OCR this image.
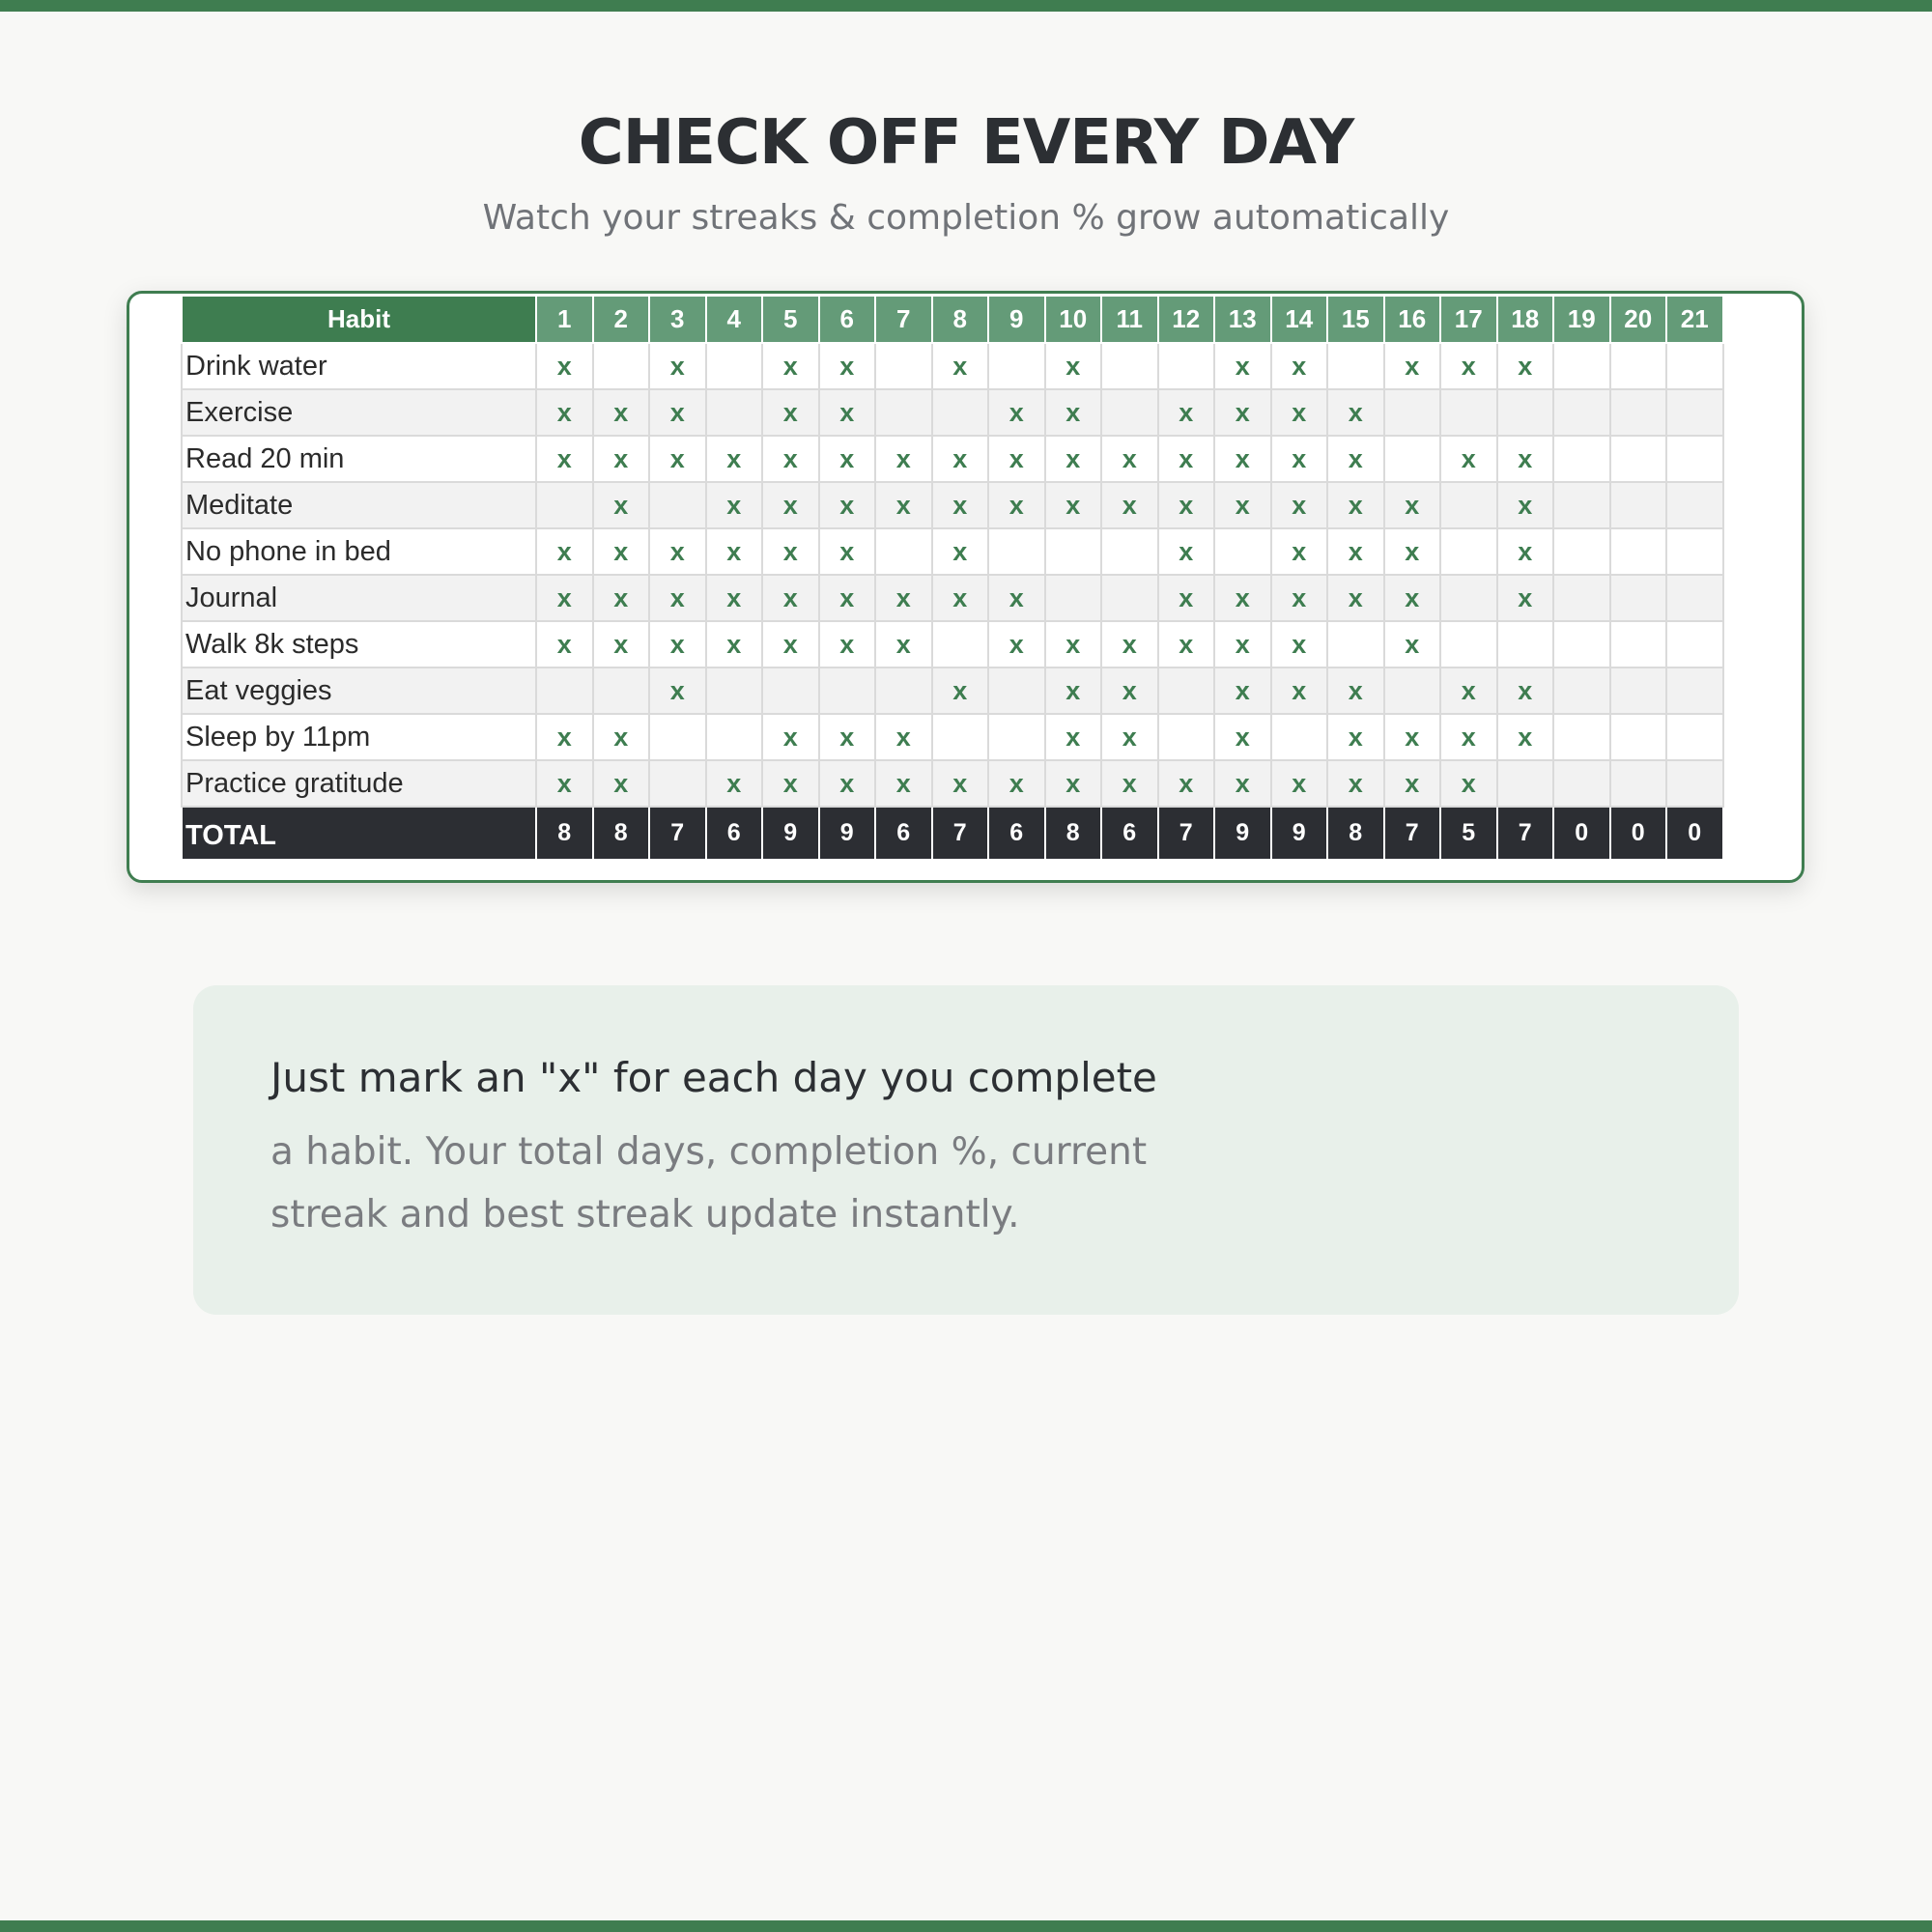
CHECK OFF EVERY DAY
Watch your streaks & completion % grow automatically
Habit	1	2	3	4	5	6	7	8	9	10	11	12	13	14	15	16	17	18	19	20	21
Drink water	x		x		x	x		x		x			x	x		x	x	x			
Exercise	x	x	x		x	x			x	x		x	x	x	x						
Read 20 min	x	x	x	x	x	x	x	x	x	x	x	x	x	x	x		x	x			
Meditate		x		x	x	x	x	x	x	x	x	x	x	x	x	x		x			
No phone in bed	x	x	x	x	x	x		x				x		x	x	x		x			
Journal	x	x	x	x	x	x	x	x	x			x	x	x	x	x		x			
Walk 8k steps	x	x	x	x	x	x	x		x	x	x	x	x	x		x					
Eat veggies			x					x		x	x		x	x	x		x	x			
Sleep by 11pm	x	x			x	x	x			x	x		x		x	x	x	x			
Practice gratitude	x	x		x	x	x	x	x	x	x	x	x	x	x	x	x	x				
TOTAL	8	8	7	6	9	9	6	7	6	8	6	7	9	9	8	7	5	7	0	0	0
Just mark an "x" for each day you complete
a habit. Your total days, completion %, current
streak and best streak update instantly.
